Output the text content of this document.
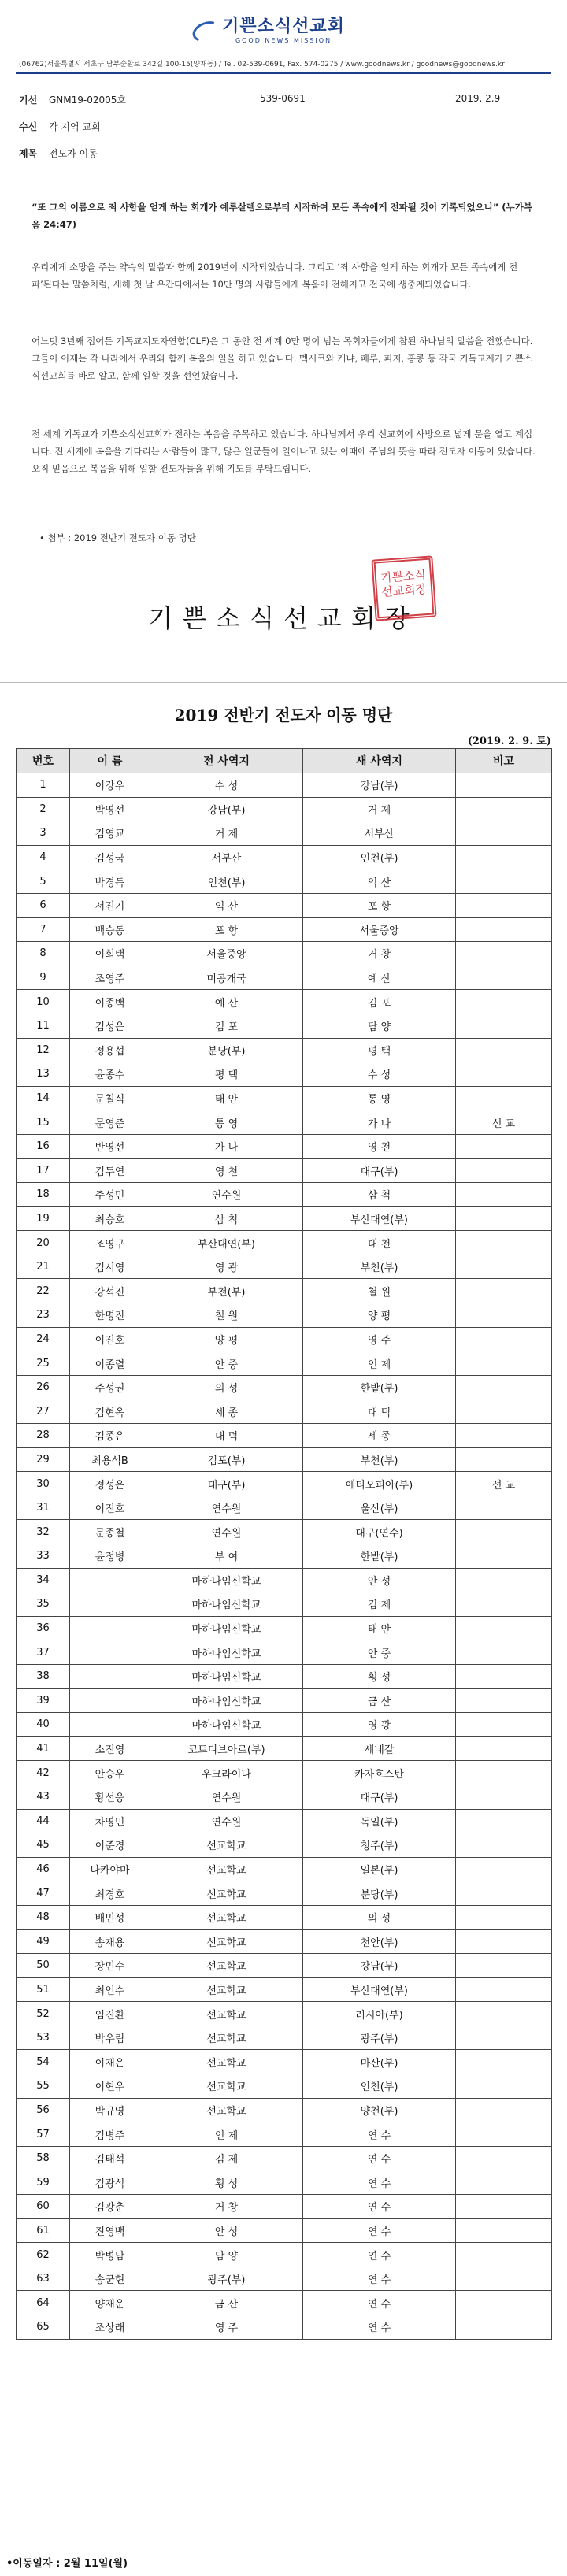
기쁜소식선교회
GOOD NEWS MISSION
(06762)서울특별시 서초구 남부순환로 342길 100-15(양재동) / Tel. 02-539-0691, Fax. 574-0275 / www.goodnews.kr / goodnews@goodnews.kr
기선 GNM19-02005호	539-0691	2019. 2.9
수신 각 지역 교회
제목 전도자 이동
“또 그의 이름으로 죄 사함을 얻게 하는 회개가 예루살렘으로부터 시작하여 모든 족속에게 전파될 것이 기록되었으니” (누가복음 24:47)
우리에게 소망을 주는 약속의 말씀과 함께 2019년이 시작되었습니다. 그리고 ‘죄 사함을 얻게 하는 회개가 모든 족속에게 전파’된다는 말씀처럼, 새해 첫 날 우간다에서는 10만 명의 사람들에게 복음이 전해지고 전국에 생중계되었습니다.
어느덧 3년째 접어든 기독교지도자연합(CLF)은 그 동안 전 세계 0만 명이 넘는 목회자들에게 참된 하나님의 말씀을 전했습니다. 그들이 이제는 각 나라에서 우리와 함께 복음의 일을 하고 있습니다. 멕시코와 케냐, 페루, 피지, 홍콩 등 각국 기독교계가 기쁜소식선교회를 바로 알고, 함께 일할 것을 선언했습니다.
전 세계 기독교가 기쁜소식선교회가 전하는 복음을 주목하고 있습니다. 하나님께서 우리 선교회에 사방으로 넓게 문을 열고 계십니다. 전 세계에 복음을 기다리는 사람들이 많고, 많은 일군들이 일어나고 있는 이때에 주님의 뜻을 따라 전도자 이동이 있습니다. 오직 믿음으로 복음을 위해 일할 전도자들을 위해 기도를 부탁드립니다.
• 첨부 : 2019 전반기 전도자 이동 명단
기쁜소식선교회장
기쁜소식선교회장
2019 전반기 전도자 이동 명단
(2019. 2. 9. 토)
번호	이 름	전 사역지	새 사역지	비고
1	이강우	수 성	강남(부)	
2	박영선	강남(부)	거 제	
3	김영교	거 제	서부산	
4	김성국	서부산	인천(부)	
5	박경득	인천(부)	익 산	
6	서진기	익 산	포 항	
7	백승동	포 항	서울중앙	
8	이희택	서울중앙	거 창	
9	조영주	미공개국	예 산	
10	이종백	예 산	김 포	
11	김성은	김 포	담 양	
12	정용섭	분당(부)	평 택	
13	윤종수	평 택	수 성	
14	문칠식	태 안	통 영	
15	문영준	통 영	가 나	선 교
16	반영선	가 나	영 천	
17	김두연	영 천	대구(부)	
18	주성민	연수원	삼 척	
19	최승호	삼 척	부산대연(부)	
20	조영구	부산대연(부)	대 천	
21	김시영	영 광	부천(부)	
22	강석진	부천(부)	철 원	
23	한명진	철 원	양 평	
24	이진호	양 평	영 주	
25	이종렬	안 중	인 제	
26	주성권	의 성	한밭(부)	
27	김현옥	세 종	대 덕	
28	김종은	대 덕	세 종	
29	최용석B	김포(부)	부천(부)	
30	정성은	대구(부)	에티오피아(부)	선 교
31	이진호	연수원	울산(부)	
32	문종철	연수원	대구(연수)	
33	윤정병	부 여	한밭(부)	
34		마하나임신학교	안 성	
35		마하나임신학교	김 제	
36		마하나임신학교	태 안	
37		마하나임신학교	안 중	
38		마하나임신학교	횡 성	
39		마하나임신학교	금 산	
40		마하나임신학교	영 광	
41	소진영	코트디브아르(부)	세네갈	
42	안승우	우크라이나	카자흐스탄	
43	황선웅	연수원	대구(부)	
44	차영민	연수원	독일(부)	
45	이준경	선교학교	청주(부)	
46	나카야마	선교학교	일본(부)	
47	최경호	선교학교	분당(부)	
48	배민성	선교학교	의 성	
49	송재용	선교학교	천안(부)	
50	장민수	선교학교	강남(부)	
51	최인수	선교학교	부산대연(부)	
52	임진환	선교학교	러시아(부)	
53	박우림	선교학교	광주(부)	
54	이재은	선교학교	마산(부)	
55	이현우	선교학교	인천(부)	
56	박규영	선교학교	양천(부)	
57	김병주	인 제	연 수	
58	김태석	김 제	연 수	
59	김광석	횡 성	연 수	
60	김광춘	거 창	연 수	
61	진영백	안 성	연 수	
62	박병남	담 양	연 수	
63	송군현	광주(부)	연 수	
64	양재운	금 산	연 수	
65	조상래	영 주	연 수	
•이동일자 : 2월 11일(월)
